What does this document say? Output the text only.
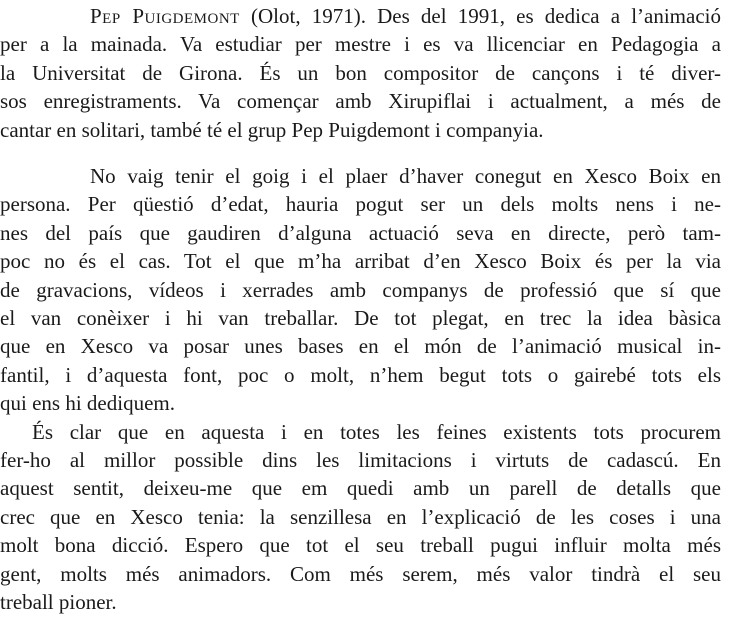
Pep Puigdemont (Olot, 1971). Des del 1991, es dedica a l’animació
per a la mainada. Va estudiar per mestre i es va llicenciar en Pedagogia a
la Universitat de Girona. És un bon compositor de cançons i té diver-
sos enregistraments. Va començar amb Xirupiflai i actualment, a més de
cantar en solitari, també té el grup Pep Puigdemont i companyia.
No vaig tenir el goig i el plaer d’haver conegut en Xesco Boix en
persona. Per qüestió d’edat, hauria pogut ser un dels molts nens i ne-
nes del país que gaudiren d’alguna actuació seva en directe, però tam-
poc no és el cas. Tot el que m’ha arribat d’en Xesco Boix és per la via
de gravacions, vídeos i xerrades amb companys de professió que sí que
el van conèixer i hi van treballar. De tot plegat, en trec la idea bàsica
que en Xesco va posar unes bases en el món de l’animació musical in-
fantil, i d’aquesta font, poc o molt, n’hem begut tots o gairebé tots els
qui ens hi dediquem.
És clar que en aquesta i en totes les feines existents tots procurem
fer-ho al millor possible dins les limitacions i virtuts de cadascú. En
aquest sentit, deixeu-me que em quedi amb un parell de detalls que
crec que en Xesco tenia: la senzillesa en l’explicació de les coses i una
molt bona dicció. Espero que tot el seu treball pugui influir molta més
gent, molts més animadors. Com més serem, més valor tindrà el seu
treball pioner.
